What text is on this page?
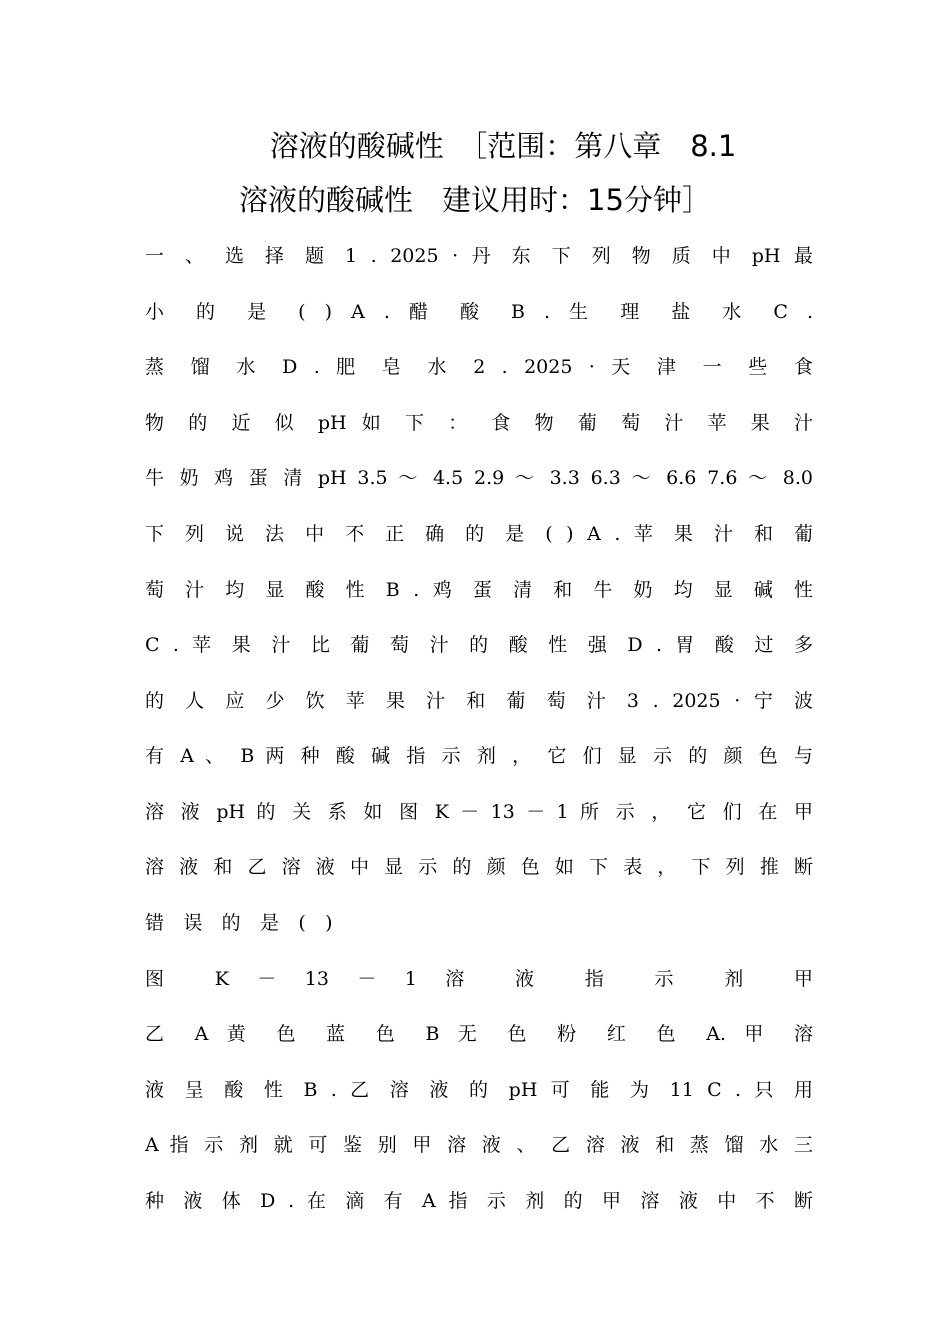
溶液的酸碱性　［范围：第八章　8.1
溶液的酸碱性　建议用时：15分钟］
一 、 选 择 题 1 . 2025 · 丹 东 下 列 物 质 中 pH 最
小 的 是 ( ) A . 醋 酸 B . 生 理 盐 水 C .
蒸 馏 水 D . 肥 皂 水 2 . 2025 · 天 津 一 些 食
物 的 近 似 pH 如 下 ： 食 物 葡 萄 汁 苹 果 汁
牛 奶 鸡 蛋 清 pH 3.5 ～ 4.5 2.9 ～ 3.3 6.3 ～ 6.6 7.6 ～ 8.0
下 列 说 法 中 不 正 确 的 是 ( ) A . 苹 果 汁 和 葡
萄 汁 均 显 酸 性 B . 鸡 蛋 清 和 牛 奶 均 显 碱 性
C . 苹 果 汁 比 葡 萄 汁 的 酸 性 强 D . 胃 酸 过 多
的 人 应 少 饮 苹 果 汁 和 葡 萄 汁 3 . 2025 · 宁 波
有 A 、 B 两 种 酸 碱 指 示 剂 ， 它 们 显 示 的 颜 色 与
溶 液 pH 的 关 系 如 图 K － 13 － 1 所 示 ， 它 们 在 甲
溶 液 和 乙 溶 液 中 显 示 的 颜 色 如 下 表 ， 下 列 推 断
错 误 的 是 ( )
图 K － 13 － 1 溶 液 指 示 剂 甲
乙 A 黄 色 蓝 色 B 无 色 粉 红 色 A. 甲 溶
液 呈 酸 性 B . 乙 溶 液 的 pH 可 能 为 11 C . 只 用
A 指 示 剂 就 可 鉴 别 甲 溶 液 、 乙 溶 液 和 蒸 馏 水 三
种 液 体 D . 在 滴 有 A 指 示 剂 的 甲 溶 液 中 不 断
